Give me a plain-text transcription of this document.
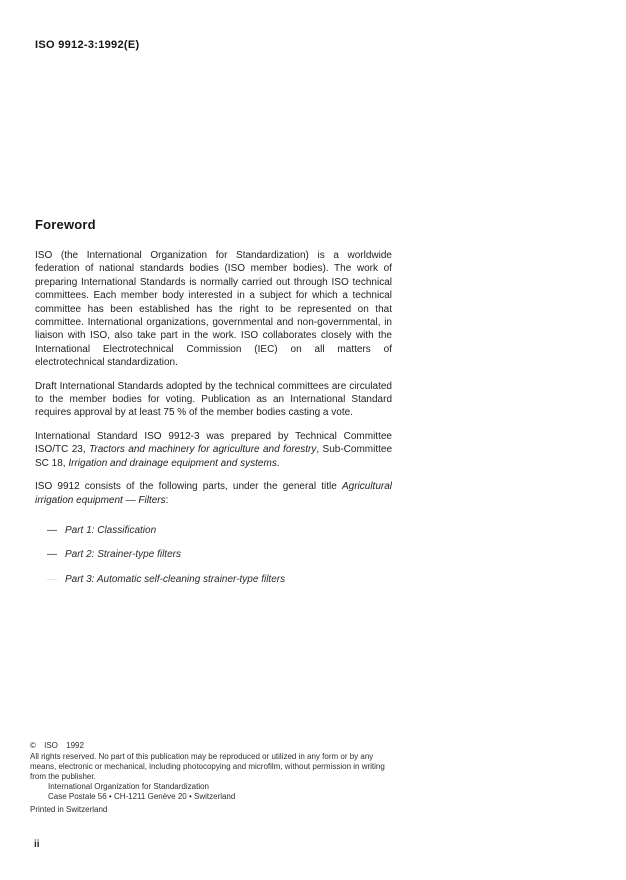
ISO 9912-3:1992(E)
Foreword

ISO (the International Organization for Standardization) is a worldwide federation of national standards bodies (ISO member bodies). The work of preparing International Standards is normally carried out through ISO technical committees. Each member body interested in a subject for which a technical committee has been established has the right to be represented on that committee. International organizations, governmental and non-governmental, in liaison with ISO, also take part in the work. ISO collaborates closely with the International Electrotechnical Commission (IEC) on all matters of electrotechnical standardization.

Draft International Standards adopted by the technical committees are circulated to the member bodies for voting. Publication as an International Standard requires approval by at least 75 % of the member bodies casting a vote.

International Standard ISO 9912-3 was prepared by Technical Committee ISO/TC 23, Tractors and machinery for agriculture and forestry, Sub-Committee SC 18, Irrigation and drainage equipment and systems.

ISO 9912 consists of the following parts, under the general title Agricultural irrigation equipment — Filters:

— Part 1: Classification
— Part 2: Strainer-type filters
— Part 3: Automatic self-cleaning strainer-type filters
© ISO 1992
All rights reserved. No part of this publication may be reproduced or utilized in any form or by any means, electronic or mechanical, including photocopying and microfilm, without permission in writing from the publisher.
International Organization for Standardization
Case Postale 56 • CH-1211 Genève 20 • Switzerland
Printed in Switzerland
ii
